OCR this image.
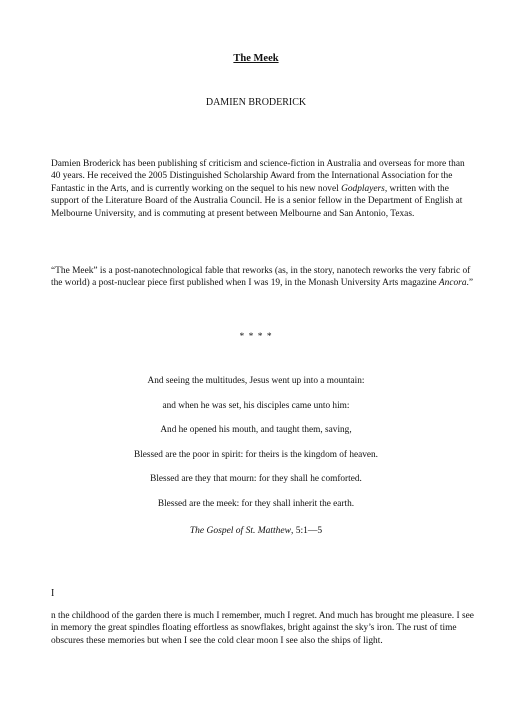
The Meek
DAMIEN BRODERICK

Damien Broderick has been publishing sf criticism and science-fiction in Australia and overseas for more than 40 years. He received the 2005 Distinguished Scholarship Award from the International Association for the Fantastic in the Arts, and is currently working on the sequel to his new novel Godplayers, written with the support of the Literature Board of the Australia Council. He is a senior fellow in the Department of English at Melbourne University, and is commuting at present between Melbourne and San Antonio, Texas.

“The Meek” is a post-nanotechnological fable that reworks (as, in the story, nanotech reworks the very fabric of the world) a post-nuclear piece first published when I was 19, in the Monash University Arts magazine Ancora.”

* * * *

And seeing the multitudes, Jesus went up into a mountain:

and when he was set, his disciples came unto him:

And he opened his mouth, and taught them, saving,

Blessed are the poor in spirit: for theirs is the kingdom of heaven.

Blessed are they that mourn: for they shall he comforted.

Blessed are the meek: for they shall inherit the earth.

The Gospel of St. Matthew, 5:1—5
I

n the childhood of the garden there is much I remember, much I regret. And much has brought me pleasure. I see in memory the great spindles floating effortless as snowflakes, bright against the sky’s iron. The rust of time obscures these memories but when I see the cold clear moon I see also the ships of light.
